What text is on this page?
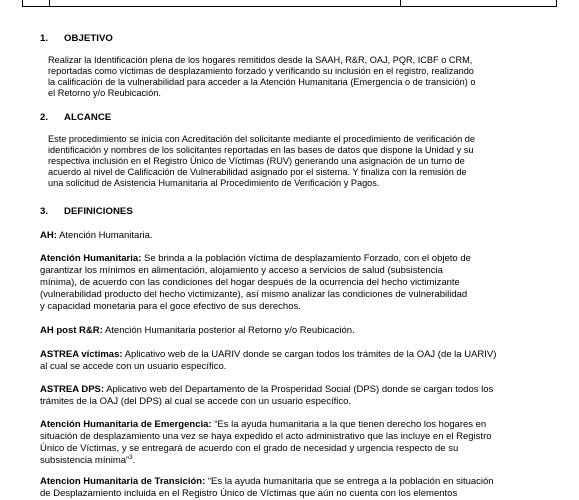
1. OBJETIVO
Realizar la Identificación plena de los hogares remitidos desde la SAAH, R&R, OAJ, PQR, ICBF o CRM,
reportadas como víctimas de desplazamiento forzado y verificando su inclusión en el registro, realizando
la calificación de la vulnerabilidad para acceder a la Atención Humanitaria (Emergencia o de transición) o
el Retorno y/o Reubicación.
2. ALCANCE
Este procedimiento se inicia con Acreditación del solicitante mediante el procedimiento de verificación de
identificación y nombres de los solicitantes reportadas en las bases de datos que dispone la Unidad y su
respectiva inclusión en el Registro Único de Víctimas (RUV) generando una asignación de un turno de
acuerdo al nivel de Calificación de Vulnerabilidad asignado por el sistema. Y finaliza con la remisión de
una solicitud de Asistencia Humanitaria al Procedimiento de Verificación y Pagos.
3. DEFINICIONES
AH: Atención Humanitaria.
Atención Humanitaria: Se brinda a la población víctima de desplazamiento Forzado, con el objeto de
garantizar los mínimos en alimentación, alojamiento y acceso a servicios de salud (subsistencia
mínima), de acuerdo con las condiciones del hogar después de la ocurrencia del hecho victimizante
(vulnerabilidad producto del hecho victimizante), así mismo analizar las condiciones de vulnerabilidad
y capacidad monetaria para el goce efectivo de sus derechos.
AH post R&R: Atención Humanitaria posterior al Retorno y/o Reubicación.
ASTREA víctimas: Aplicativo web de la UARIV donde se cargan todos los trámites de la OAJ (de la UARIV)
al cual se accede con un usuario específico.
ASTREA DPS: Aplicativo web del Departamento de la Prosperidad Social (DPS) donde se cargan todos los
trámites de la OAJ (del DPS) al cual se accede con un usuario específico.
Atención Humanitaria de Emergencia: “Es la ayuda humanitaria a la que tienen derecho los hogares en
situación de desplazamiento una vez se haya expedido el acto administrativo que las incluye en el Registro
Único de Víctimas, y se entregará de acuerdo con el grado de necesidad y urgencia respecto de su
subsistencia mínima”$^3$.
Atencion Humanitaria de Transición: “Es la ayuda humanitaria que se entrega a la población en situación
de Desplazamiento incluida en el Registro Único de Víctimas que aún no cuenta con los elementos
